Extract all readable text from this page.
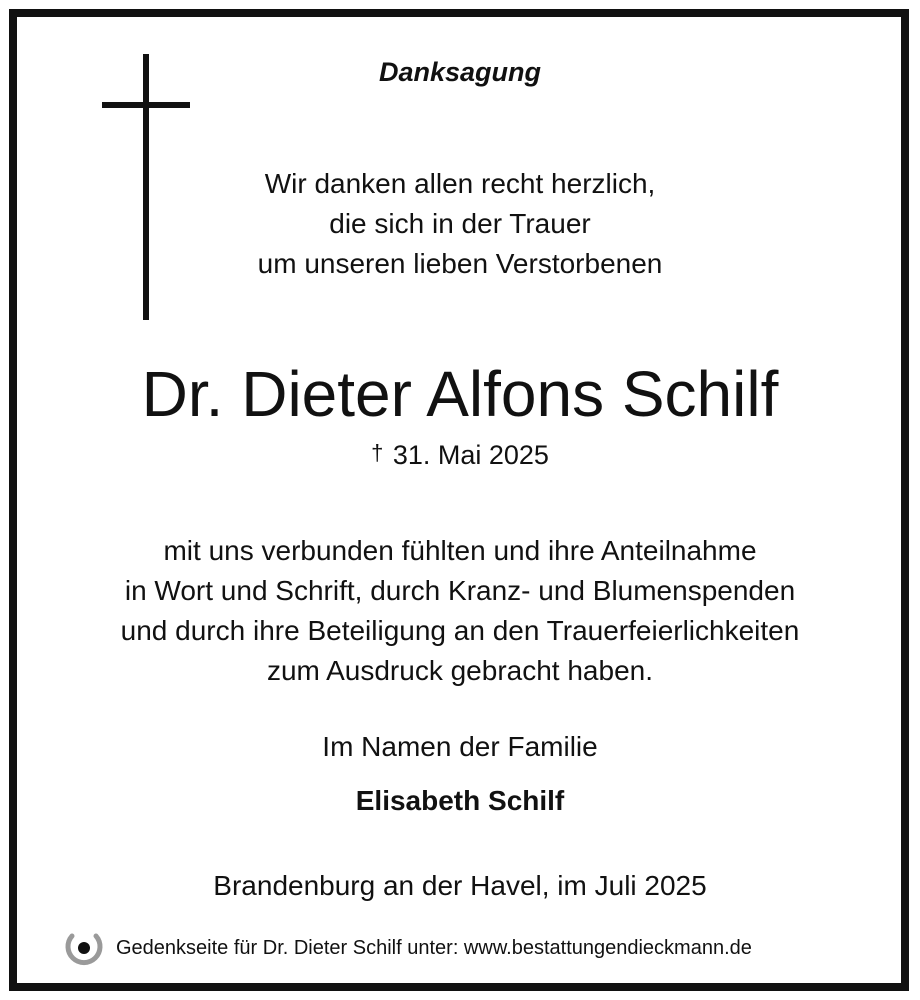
Danksagung
Wir danken allen recht herzlich,
die sich in der Trauer
um unseren lieben Verstorbenen
Dr. Dieter Alfons Schilf
† 31. Mai 2025
mit uns verbunden fühlten und ihre Anteilnahme
in Wort und Schrift, durch Kranz- und Blumenspenden
und durch ihre Beteiligung an den Trauerfeierlichkeiten
zum Ausdruck gebracht haben.
Im Namen der Familie
Elisabeth Schilf
Brandenburg an der Havel, im Juli 2025
Gedenkseite für Dr. Dieter Schilf unter: www.bestattungendieckmann.de
